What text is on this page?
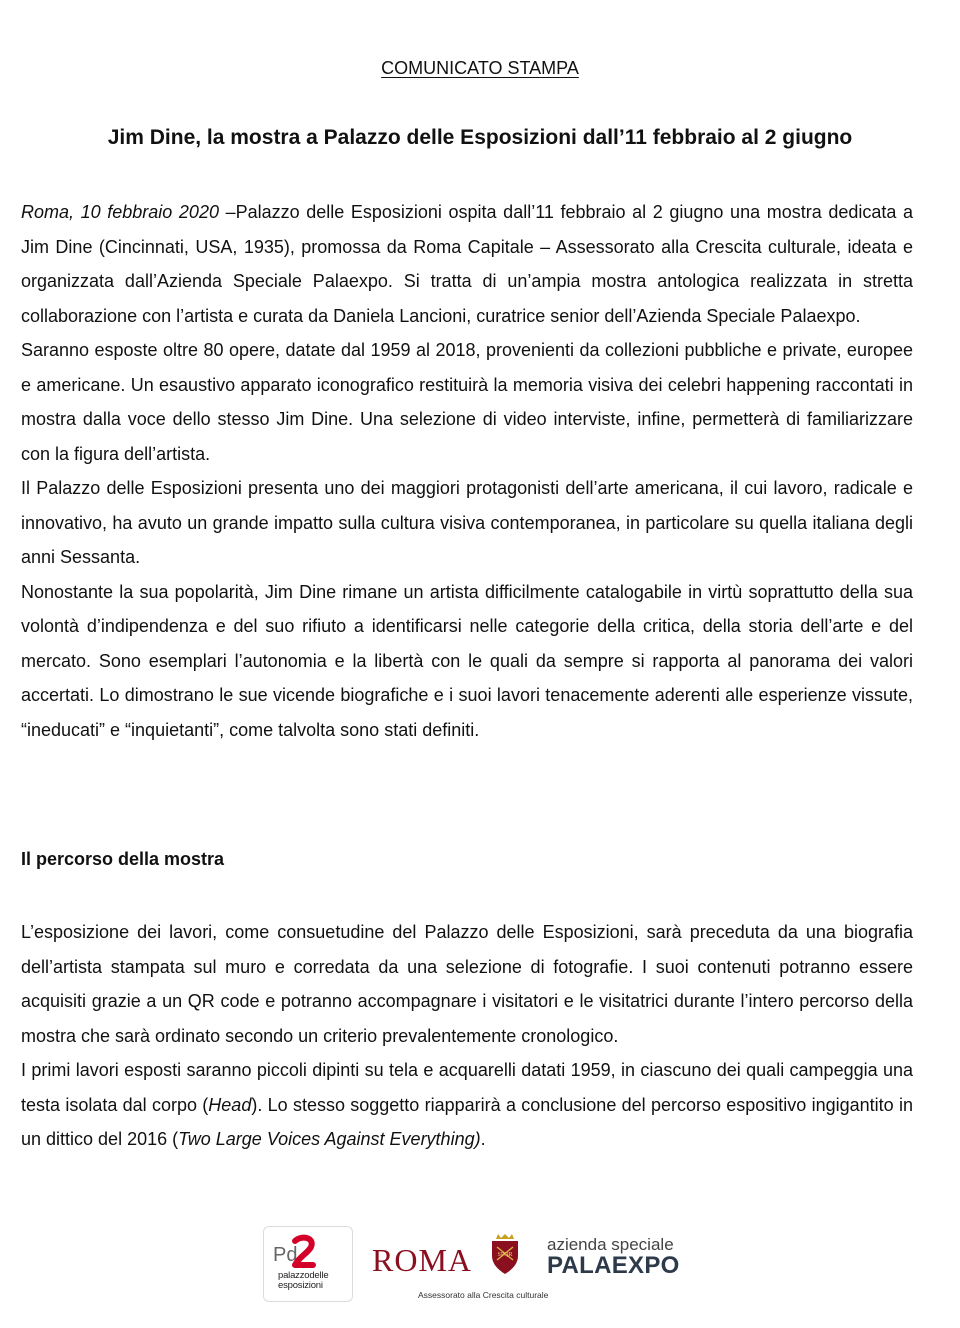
COMUNICATO STAMPA
Jim Dine, la mostra a Palazzo delle Esposizioni dall’11 febbraio al 2 giugno

Roma, 10 febbraio 2020 –Palazzo delle Esposizioni ospita dall’11 febbraio al 2 giugno una mostra dedicata a Jim Dine (Cincinnati, USA, 1935), promossa da Roma Capitale – Assessorato alla Crescita culturale, ideata e organizzata dall’Azienda Speciale Palaexpo. Si tratta di un’ampia mostra antologica realizzata in stretta collaborazione con l’artista e curata da Daniela Lancioni, curatrice senior dell’Azienda Speciale Palaexpo.

Saranno esposte oltre 80 opere, datate dal 1959 al 2018, provenienti da collezioni pubbliche e private, europee e americane. Un esaustivo apparato iconografico restituirà la memoria visiva dei celebri happening raccontati in mostra dalla voce dello stesso Jim Dine. Una selezione di video interviste, infine, permetterà di familiarizzare con la figura dell’artista.

Il Palazzo delle Esposizioni presenta uno dei maggiori protagonisti dell’arte americana, il cui lavoro, radicale e innovativo, ha avuto un grande impatto sulla cultura visiva contemporanea, in particolare su quella italiana degli anni Sessanta.

Nonostante la sua popolarità, Jim Dine rimane un artista difficilmente catalogabile in virtù soprattutto della sua volontà d’indipendenza e del suo rifiuto a identificarsi nelle categorie della critica, della storia dell’arte e del mercato. Sono esemplari l’autonomia e la libertà con le quali da sempre si rapporta al panorama dei valori accertati. Lo dimostrano le sue vicende biografiche e i suoi lavori tenacemente aderenti alle esperienze vissute, “ineducati” e “inquietanti”, come talvolta sono stati definiti.

Il percorso della mostra

L’esposizione dei lavori, come consuetudine del Palazzo delle Esposizioni, sarà preceduta da una biografia dell’artista stampata sul muro e corredata da una selezione di fotografie. I suoi contenuti potranno essere acquisiti grazie a un QR code e potranno accompagnare i visitatori e le visitatrici durante l’intero percorso della mostra che sarà ordinato secondo un criterio prevalentemente cronologico.

I primi lavori esposti saranno piccoli dipinti su tela e acquarelli datati 1959, in ciascuno dei quali campeggia una testa isolata dal corpo (Head). Lo stesso soggetto riapparirà a conclusione del percorso espositivo ingigantito in un dittico del 2016 (Two Large Voices Against Everything).

Pd
palazzodelle
esposizioni
ROMA	SPQR
Assessorato alla Crescita culturale
azienda speciale
PALAEXPO
